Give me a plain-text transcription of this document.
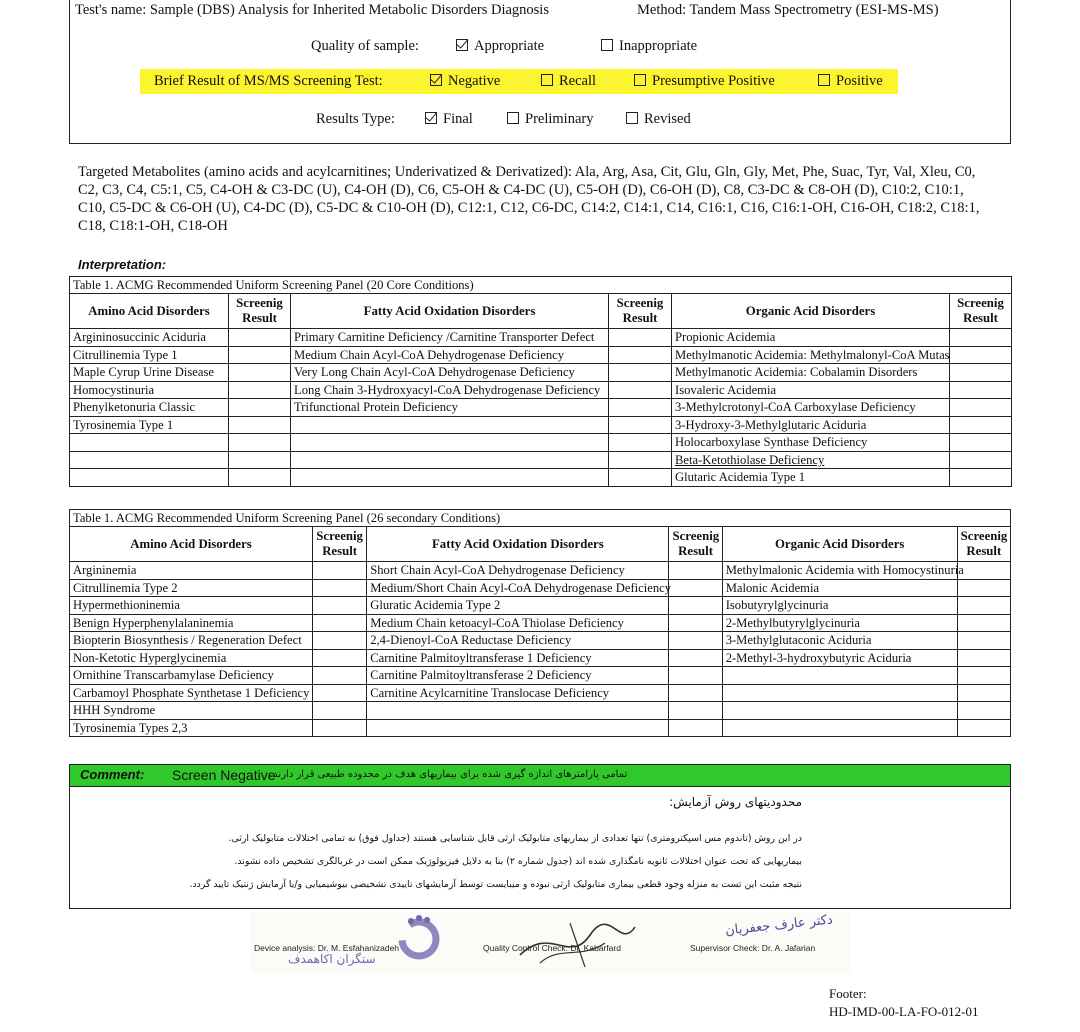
Test's name: Sample (DBS) Analysis for Inherited Metabolic Disorders Diagnosis	Method: Tandem Mass Spectrometry (ESI-MS-MS)
Quality of sample:	Appropriate	Inappropriate
Brief Result of MS/MS Screening Test:	Negative	Recall	Presumptive Positive	Positive
Results Type:	Final	Preliminary	Revised
Targeted Metabolites (amino acids and acylcarnitines; Underivatized & Derivatized): Ala, Arg, Asa, Cit, Glu, Gln, Gly, Met, Phe, Suac, Tyr, Val, Xleu, C0,
C2, C3, C4, C5:1, C5, C4-OH & C3-DC (U), C4-OH (D), C6, C5-OH & C4-DC (U), C5-OH (D), C6-OH (D), C8, C3-DC & C8-OH (D), C10:2, C10:1,
C10, C5-DC & C6-OH (U), C4-DC (D), C5-DC & C10-OH (D), C12:1, C12, C6-DC, C14:2, C14:1, C14, C16:1, C16, C16:1-OH, C16-OH, C18:2, C18:1,
C18, C18:1-OH, C18-OH
Interpretation:
Table 1. ACMG Recommended Uniform Screening Panel (20 Core Conditions)					
Amino Acid Disorders	Screenig Result	Fatty Acid Oxidation Disorders	Screenig Result	Organic Acid Disorders	Screenig Result
Argininosuccinic Aciduria		Primary Carnitine Deficiency /Carnitine Transporter Defect		Propionic Acidemia	
Citrullinemia Type 1		Medium Chain Acyl-CoA Dehydrogenase Deficiency		Methylmanotic Acidemia: Methylmalonyl-CoA Mutas	
Maple Cyrup Urine Disease		Very Long Chain Acyl-CoA Dehydrogenase Deficiency		Methylmanotic Acidemia: Cobalamin Disorders	
Homocystinuria		Long Chain 3-Hydroxyacyl-CoA Dehydrogenase Deficiency		Isovaleric Acidemia	
Phenylketonuria Classic		Trifunctional Protein Deficiency		3-Methylcrotonyl-CoA Carboxylase Deficiency	
Tyrosinemia Type 1				3-Hydroxy-3-Methylglutaric Aciduria	
				Holocarboxylase Synthase Deficiency	
				Beta-Ketothiolase Deficiency	
				Glutaric Acidemia Type 1	
Table 1. ACMG Recommended Uniform Screening Panel (26 secondary Conditions)					
Amino Acid Disorders	Screenig Result	Fatty Acid Oxidation Disorders	Screenig Result	Organic Acid Disorders	Screenig Result
Argininemia		Short Chain Acyl-CoA Dehydrogenase Deficiency		Methylmalonic Acidemia with Homocystinuria	
Citrullinemia Type 2		Medium/Short Chain Acyl-CoA Dehydrogenase Deficiency		Malonic Acidemia	
Hypermethioninemia		Gluratic Acidemia Type 2		Isobutyrylglycinuria	
Benign Hyperphenylalaninemia		Medium Chain ketoacyl-CoA Thiolase Deficiency		2-Methylbutyrylglycinuria	
Biopterin Biosynthesis / Regeneration Defect		2,4-Dienoyl-CoA Reductase Deficiency		3-Methylglutaconic Aciduria	
Non-Ketotic Hyperglycinemia		Carnitine Palmitoyltransferase 1 Deficiency		2-Methyl-3-hydroxybutyric Aciduria	
Ornithine Transcarbamylase Deficiency		Carnitine Palmitoyltransferase 2 Deficiency			
Carbamoyl Phosphate Synthetase 1 Deficiency		Carnitine Acylcarnitine Translocase Deficiency			
HHH Syndrome					
Tyrosinemia Types 2,3					
Comment: Screen Negative
تمامی پارامترهای اندازه گیری شده برای بیماریهای هدف در محدوده طبیعی قرار دارند.
محدودیتهای روش آزمایش:
در این روش (تاندوم مس اسپکترومتری) تنها تعدادی از بیماریهای متابولیک ارثی قابل شناسایی هستند (جداول فوق) نه تمامی اختلالات متابولیک ارثی.
بیماریهایی که تحت عنوان اختلالات ثانویه نامگذاری شده اند (جدول شماره ۲) بنا به دلایل فیزیولوژیک ممکن است در غربالگری تشخیص داده نشوند.
نتیجه مثبت این تست به منزله وجود قطعی بیماری متابولیک ارثی نبوده و میبایست توسط آزمایشهای تاییدی تشخیصی بیوشیمیایی و/یا آزمایش ژنتیک تایید گردد.
ستگران اکاهمدف
Device analysis: Dr. M. Esfahanizadeh	Quality Control Check: Dr. Kabarfard
دکتر عارف جعفریان
Supervisor Check: Dr. A. Jafarian
Footer:
HD-IMD-00-LA-FO-012-01
